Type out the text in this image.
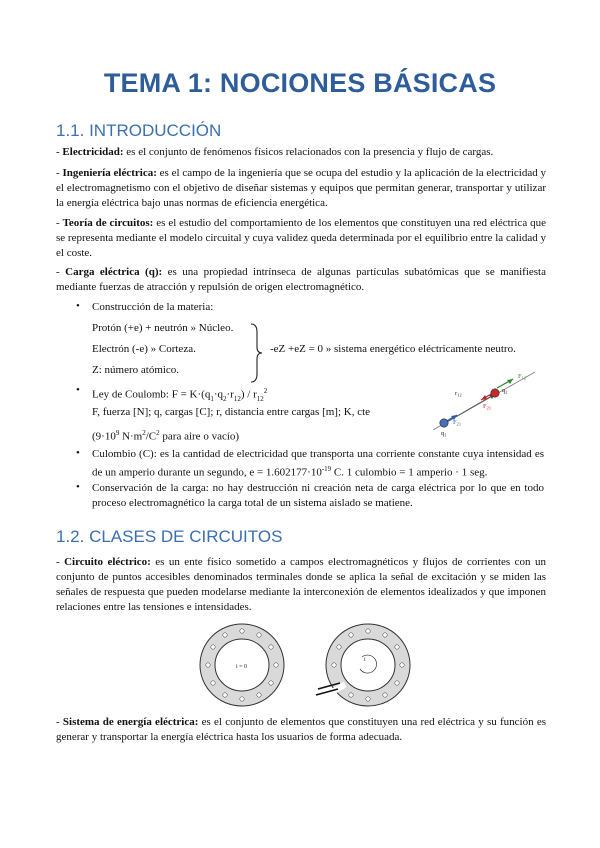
TEMA 1: NOCIONES BÁSICAS
1.1. INTRODUCCIÓN

- Electricidad: es el conjunto de fenómenos físicos relacionados con la presencia y flujo de cargas.

- Ingeniería eléctrica: es el campo de la ingeniería que se ocupa del estudio y la aplicación de la electricidad y el electromagnetismo con el objetivo de diseñar sistemas y equipos que permitan generar, transportar y utilizar la energía eléctrica bajo unas normas de eficiencia energética.

- Teoría de circuitos: es el estudio del comportamiento de los elementos que constituyen una red eléctrica que se representa mediante el modelo circuital y cuya validez queda determinada por el equilibrio entre la calidad y el coste.

- Carga eléctrica (q): es una propiedad intrínseca de algunas partículas subatómicas que se manifiesta mediante fuerzas de atracción y repulsión de origen electromagnético.

• Construcción de la materia:
Protón (+e) + neutrón » Núcleo.
Electrón (-e) » Corteza.
Z: número atómico.
-eZ +eZ = 0 » sistema energético eléctricamente neutro.
• Ley de Coulomb: $F = K\cdot(q_1\cdot q_2\cdot r_{12}) / r_{12}^2$
F, fuerza [N]; q, cargas [C]; r, distancia entre cargas [m]; K, cte
($9\cdot 10^9$ $N\cdot m^2/C^2$ para aire o vacío)	$q_1$
$q_2$
$r_{12}$
$F_{12}$
$F_{21}$
$F_{21}$
• Culombio (C): es la cantidad de electricidad que transporta una corriente constante cuya intensidad es de un amperio durante un segundo, $e = 1.602177\cdot 10^{-19}$ C. 1 culombio = 1 amperio · 1 seg.

• Conservación de la carga: no hay destrucción ni creación neta de carga eléctrica por lo que en todo proceso electromagnético la carga total de un sistema aislado se matiene.

1.2. CLASES DE CIRCUITOS

- Circuito eléctrico: es un ente físico sometido a campos electromagnéticos y flujos de corrientes con un conjunto de puntos accesibles denominados terminales donde se aplica la señal de excitación y se miden las señales de respuesta que pueden modelarse mediante la interconexión de elementos idealizados y que imponen relaciones entre las tensiones e intensidades.

i = 0
i

- Sistema de energía eléctrica: es el conjunto de elementos que constituyen una red eléctrica y su función es generar y transportar la energía eléctrica hasta los usuarios de forma adecuada.
